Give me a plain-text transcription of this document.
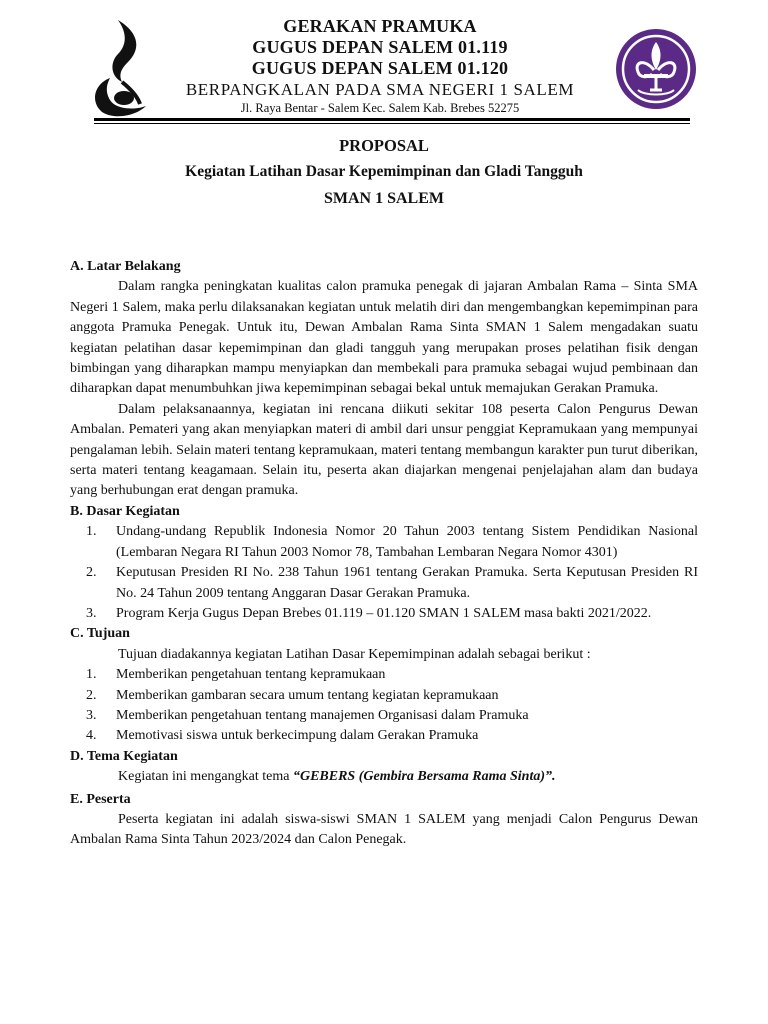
GERAKAN PRAMUKA
GUGUS DEPAN SALEM 01.119
GUGUS DEPAN SALEM 01.120
BERPANGKALAN PADA SMA NEGERI 1 SALEM
Jl. Raya Bentar - Salem Kec. Salem Kab. Brebes 52275
PROPOSAL
Kegiatan Latihan Dasar Kepemimpinan dan Gladi Tangguh
SMAN 1 SALEM

A. Latar Belakang

Dalam rangka peningkatan kualitas calon pramuka penegak di jajaran Ambalan Rama – Sinta SMA Negeri 1 Salem, maka perlu dilaksanakan kegiatan untuk melatih diri dan mengembangkan kepemimpinan para anggota Pramuka Penegak. Untuk itu, Dewan Ambalan Rama Sinta SMAN 1 Salem mengadakan suatu kegiatan pelatihan dasar kepemimpinan dan gladi tangguh yang merupakan proses pelatihan fisik dengan bimbingan yang diharapkan mampu menyiapkan dan membekali para pramuka sebagai wujud pembinaan dan diharapkan dapat menumbuhkan jiwa kepemimpinan sebagai bekal untuk memajukan Gerakan Pramuka.

Dalam pelaksanaannya, kegiatan ini rencana diikuti sekitar 108 peserta Calon Pengurus Dewan Ambalan. Pemateri yang akan menyiapkan materi di ambil dari unsur penggiat Kepramukaan yang mempunyai pengalaman lebih. Selain materi tentang kepramukaan, materi tentang membangun karakter pun turut diberikan, serta materi tentang keagamaan. Selain itu, peserta akan diajarkan mengenai penjelajahan alam dan budaya yang berhubungan erat dengan pramuka.

B. Dasar Kegiatan

1. Undang-undang Republik Indonesia Nomor 20 Tahun 2003 tentang Sistem Pendidikan Nasional (Lembaran Negara RI Tahun 2003 Nomor 78, Tambahan Lembaran Negara Nomor 4301)
2. Keputusan Presiden RI No. 238 Tahun 1961 tentang Gerakan Pramuka. Serta Keputusan Presiden RI No. 24 Tahun 2009 tentang Anggaran Dasar Gerakan Pramuka.
3. Program Kerja Gugus Depan Brebes 01.119 – 01.120 SMAN 1 SALEM masa bakti 2021/2022.

C. Tujuan

Tujuan diadakannya kegiatan Latihan Dasar Kepemimpinan adalah sebagai berikut :

1. Memberikan pengetahuan tentang kepramukaan
2. Memberikan gambaran secara umum tentang kegiatan kepramukaan
3. Memberikan pengetahuan tentang manajemen Organisasi dalam Pramuka
4. Memotivasi siswa untuk berkecimpung dalam Gerakan Pramuka

D. Tema Kegiatan

Kegiatan ini mengangkat tema “GEBERS (Gembira Bersama Rama Sinta)”.

E. Peserta

Peserta kegiatan ini adalah siswa-siswi SMAN 1 SALEM yang menjadi Calon Pengurus Dewan Ambalan Rama Sinta Tahun 2023/2024 dan Calon Penegak.
